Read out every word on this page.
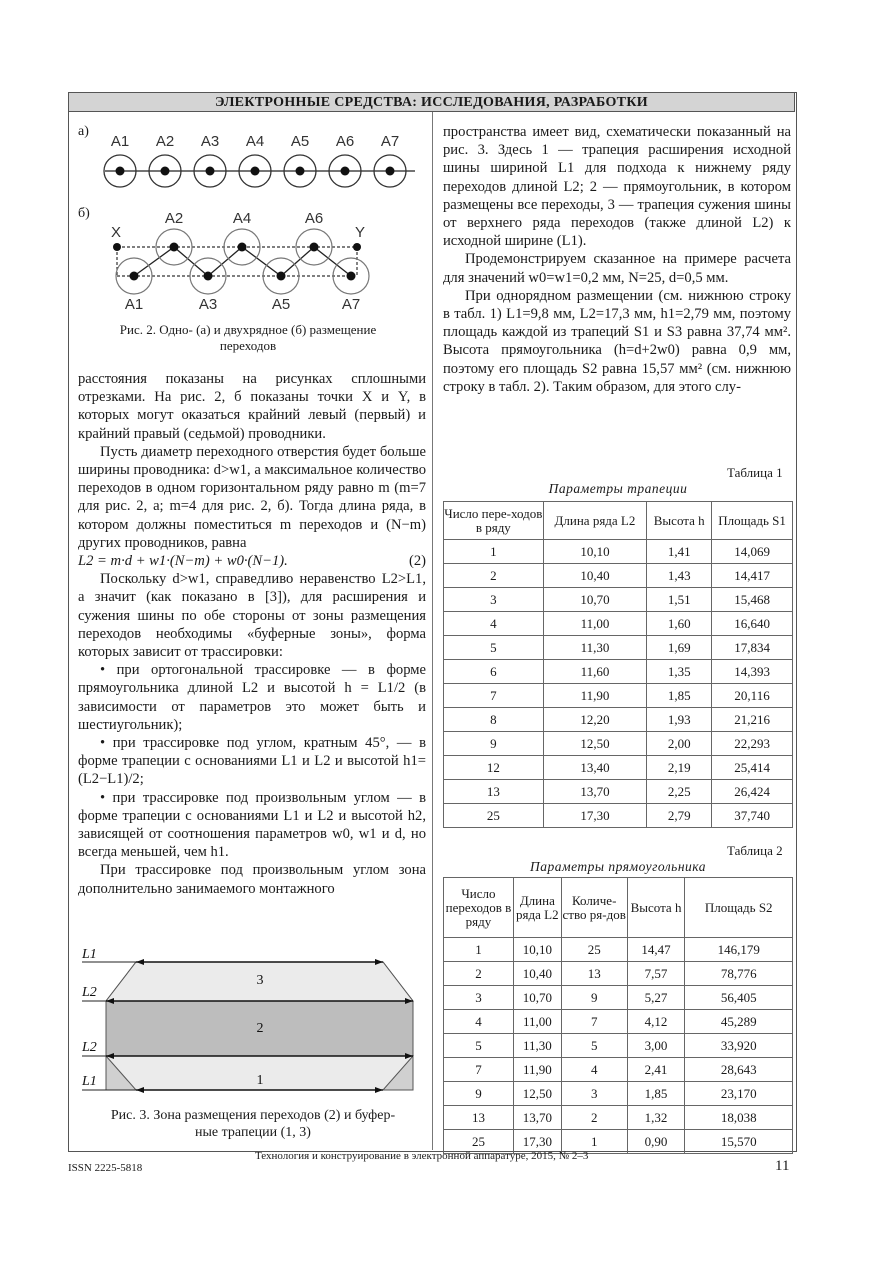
ЭЛЕКТРОННЫЕ СРЕДСТВА: ИССЛЕДОВАНИЯ, РАЗРАБОТКИ
а)
б)
A1 A2 A3 A4 A5 A6 A7
X	Y
A2	A4	A6
A1	A3	A5	A7
Рис. 2. Одно- (а) и двухрядное (б) размещение
переходов

расстояния показаны на рисунках сплошными отрезками. На рис. 2, б показаны точки X и Y, в которых могут оказаться крайний левый (первый) и крайний правый (седьмой) проводники.

Пусть диаметр переходного отверстия будет больше ширины проводника: d>w1, а максимальное количество переходов в одном горизонтальном ряду равно m (m=7 для рис. 2, а; m=4 для рис. 2, б). Тогда длина ряда, в котором должны поместиться m переходов и (N−m) других проводников, равна

L2 = m·d + w1·(N−m) + w0·(N−1).	(2)

Поскольку d>w1, справедливо неравенство L2>L1, а значит (как показано в [3]), для расширения и сужения шины по обе стороны от зоны размещения переходов необходимы «буферные зоны», форма которых зависит от трассировки:

• при ортогональной трассировке — в форме прямоугольника длиной L2 и высотой h = L1/2 (в зависимости от параметров это может быть и шестиугольник);

• при трассировке под углом, кратным 45°, — в форме трапеции с основаниями L1 и L2 и высотой h1=(L2−L1)/2;

• при трассировке под произвольным углом — в форме трапеции с основаниями L1 и L2 и высотой h2, зависящей от соотношения параметров w0, w1 и d, но всегда меньшей, чем h1.

При трассировке под произвольным углом зона дополнительно занимаемого монтажного

L1
L2
L2
L1
3
2
1
Рис. 3. Зона размещения переходов (2) и буфер-
ные трапеции (1, 3)

пространства имеет вид, схематически показанный на рис. 3. Здесь 1 — трапеция расширения исходной шины шириной L1 для подхода к нижнему ряду переходов длиной L2; 2 — прямоугольник, в котором размещены все переходы, 3 — трапеция сужения шины от верхнего ряда переходов (также длиной L2) к исходной ширине (L1).

Продемонстрируем сказанное на примере расчета для значений w0=w1=0,2 мм, N=25, d=0,5 мм.

При однорядном размещении (см. нижнюю строку в табл. 1) L1=9,8 мм, L2=17,3 мм, h1=2,79 мм, поэтому площадь каждой из трапеций S1 и S3 равна 37,74 мм². Высота прямоугольника (h=d+2w0) равна 0,9 мм, поэтому его площадь S2 равна 15,57 мм² (см. нижнюю строку в табл. 2). Таким образом, для этого слу-

Таблица 1
Параметры трапеции
Число пере-ходов в ряду	Длина ряда L2	Высота h	Площадь S1
1	10,10	1,41	14,069
2	10,40	1,43	14,417
3	10,70	1,51	15,468
4	11,00	1,60	16,640
5	11,30	1,69	17,834
6	11,60	1,35	14,393
7	11,90	1,85	20,116
8	12,20	1,93	21,216
9	12,50	2,00	22,293
12	13,40	2,19	25,414
13	13,70	2,25	26,424
25	17,30	2,79	37,740
Таблица 2
Параметры прямоугольника
Число переходов в ряду	Длина ряда L2	Количе-ство ря-дов	Высота h	Площадь S2
1	10,10	25	14,47	146,179
2	10,40	13	7,57	78,776
3	10,70	9	5,27	56,405
4	11,00	7	4,12	45,289
5	11,30	5	3,00	33,920
7	11,90	4	2,41	28,643
9	12,50	3	1,85	23,170
13	13,70	2	1,32	18,038
25	17,30	1	0,90	15,570
ISSN 2225-5818
Технология и конструирование в электронной аппаратуре, 2015, № 2–3
11
